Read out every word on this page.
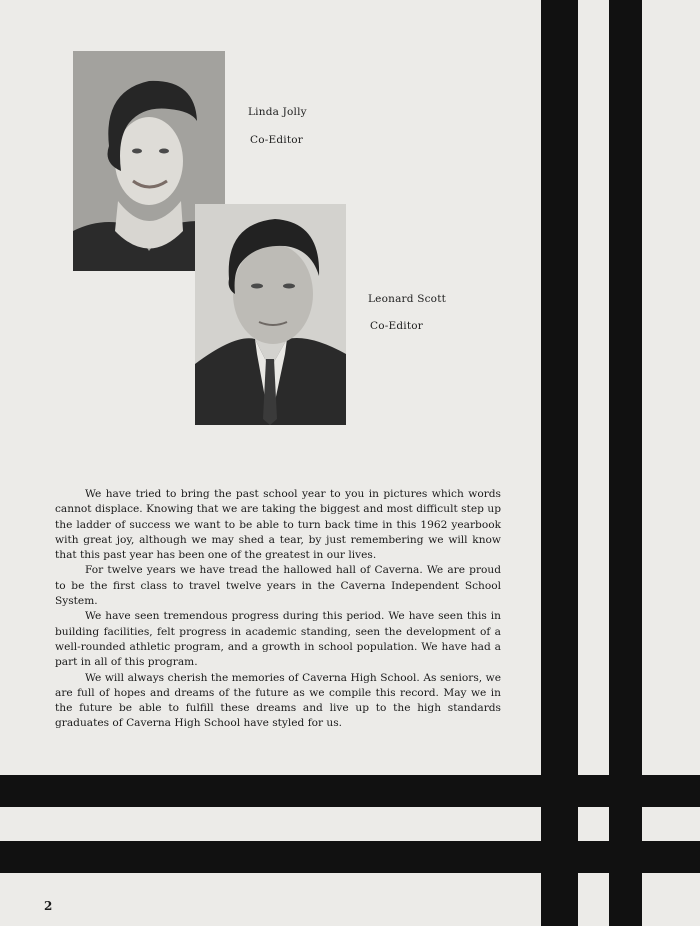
Linda Jolly
Co-Editor
Leonard Scott
Co-Editor

We have tried to bring the past school year to you in pictures which words cannot displace. Knowing that we are taking the biggest and most difficult step up the ladder of success we want to be able to turn back time in this 1962 yearbook with great joy, although we may shed a tear, by just remembering we will know that this past year has been one of the greatest in our lives.

For twelve years we have tread the hallowed hall of Caverna. We are proud to be the first class to travel twelve years in the Caverna Independent School System.

We have seen tremendous progress during this period. We have seen this in building facilities, felt progress in academic standing, seen the development of a well-rounded athletic program, and a growth in school population. We have had a part in all of this program.

We will always cherish the memories of Caverna High School. As seniors, we are full of hopes and dreams of the future as we compile this record. May we in the future be able to fulfill these dreams and live up to the high standards graduates of Caverna High School have styled for us.

2
